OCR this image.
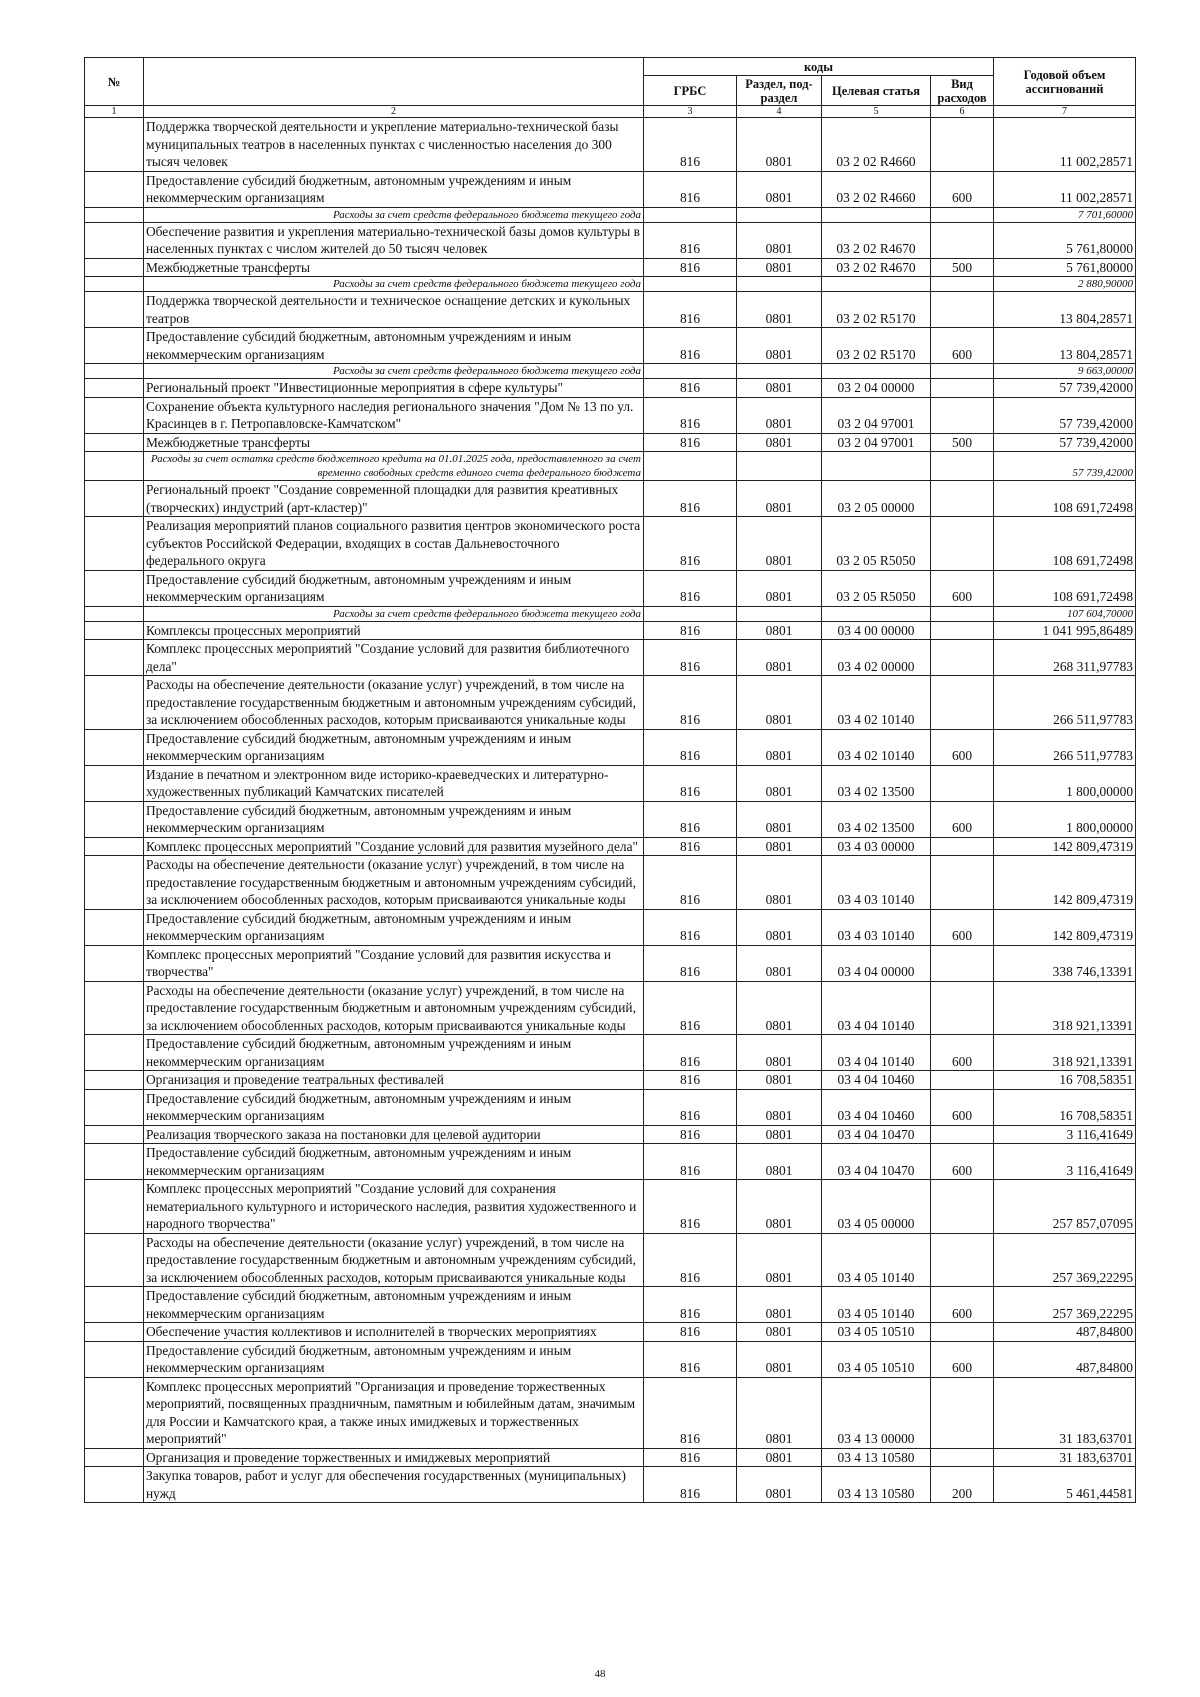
№		коды				Годовой объем ассигнований
		ГРБС	Раздел, под-раздел	Целевая статья	Вид расходов	
1	2	3	4	5	6	7
	Поддержка творческой деятельности и укрепление материально-технической базы муниципальных театров в населенных пунктах с численностью населения до 300 тысяч человек	816	0801	03 2 02 R4660		11 002,28571
	Предоставление субсидий бюджетным, автономным учреждениям и иным некоммерческим организациям	816	0801	03 2 02 R4660	600	11 002,28571
	Расходы за счет средств федерального бюджета текущего года					7 701,60000
	Обеспечение развития и укрепления материально-технической базы домов культуры в населенных пунктах с числом жителей до 50 тысяч человек	816	0801	03 2 02 R4670		5 761,80000
	Межбюджетные трансферты	816	0801	03 2 02 R4670	500	5 761,80000
	Расходы за счет средств федерального бюджета текущего года					2 880,90000
	Поддержка творческой деятельности и техническое оснащение детских и кукольных театров	816	0801	03 2 02 R5170		13 804,28571
	Предоставление субсидий бюджетным, автономным учреждениям и иным некоммерческим организациям	816	0801	03 2 02 R5170	600	13 804,28571
	Расходы за счет средств федерального бюджета текущего года					9 663,00000
	Региональный проект "Инвестиционные мероприятия в сфере культуры"	816	0801	03 2 04 00000		57 739,42000
	Сохранение объекта культурного наследия регионального значения "Дом № 13 по ул. Красинцев в г. Петропавловске-Камчатском"	816	0801	03 2 04 97001		57 739,42000
	Межбюджетные трансферты	816	0801	03 2 04 97001	500	57 739,42000
	Расходы за счет остатка средств бюджетного кредита на 01.01.2025 года, предоставленного за счет временно свободных средств единого счета федерального бюджета					57 739,42000
	Региональный проект "Создание современной площадки для развития креативных (творческих) индустрий (арт-кластер)"	816	0801	03 2 05 00000		108 691,72498
	Реализация мероприятий планов социального развития центров экономического роста субъектов Российской Федерации, входящих в состав Дальневосточного федерального округа	816	0801	03 2 05 R5050		108 691,72498
	Предоставление субсидий бюджетным, автономным учреждениям и иным некоммерческим организациям	816	0801	03 2 05 R5050	600	108 691,72498
	Расходы за счет средств федерального бюджета текущего года					107 604,70000
	Комплексы процессных мероприятий	816	0801	03 4 00 00000		1 041 995,86489
	Комплекс процессных мероприятий "Создание условий для развития библиотечного дела"	816	0801	03 4 02 00000		268 311,97783
	Расходы на обеспечение деятельности (оказание услуг) учреждений, в том числе на предоставление государственным бюджетным и автономным учреждениям субсидий, за исключением обособленных расходов, которым присваиваются уникальные коды	816	0801	03 4 02 10140		266 511,97783
	Предоставление субсидий бюджетным, автономным учреждениям и иным некоммерческим организациям	816	0801	03 4 02 10140	600	266 511,97783
	Издание в печатном и электронном виде историко-краеведческих и литературно-художественных публикаций Камчатских писателей	816	0801	03 4 02 13500		1 800,00000
	Предоставление субсидий бюджетным, автономным учреждениям и иным некоммерческим организациям	816	0801	03 4 02 13500	600	1 800,00000
	Комплекс процессных мероприятий "Создание условий для развития музейного дела"	816	0801	03 4 03 00000		142 809,47319
	Расходы на обеспечение деятельности (оказание услуг) учреждений, в том числе на предоставление государственным бюджетным и автономным учреждениям субсидий, за исключением обособленных расходов, которым присваиваются уникальные коды	816	0801	03 4 03 10140		142 809,47319
	Предоставление субсидий бюджетным, автономным учреждениям и иным некоммерческим организациям	816	0801	03 4 03 10140	600	142 809,47319
	Комплекс процессных мероприятий "Создание условий для развития искусства и творчества"	816	0801	03 4 04 00000		338 746,13391
	Расходы на обеспечение деятельности (оказание услуг) учреждений, в том числе на предоставление государственным бюджетным и автономным учреждениям субсидий, за исключением обособленных расходов, которым присваиваются уникальные коды	816	0801	03 4 04 10140		318 921,13391
	Предоставление субсидий бюджетным, автономным учреждениям и иным некоммерческим организациям	816	0801	03 4 04 10140	600	318 921,13391
	Организация и проведение театральных фестивалей	816	0801	03 4 04 10460		16 708,58351
	Предоставление субсидий бюджетным, автономным учреждениям и иным некоммерческим организациям	816	0801	03 4 04 10460	600	16 708,58351
	Реализация творческого заказа на постановки для целевой аудитории	816	0801	03 4 04 10470		3 116,41649
	Предоставление субсидий бюджетным, автономным учреждениям и иным некоммерческим организациям	816	0801	03 4 04 10470	600	3 116,41649
	Комплекс процессных мероприятий "Создание условий для сохранения нематериального культурного и исторического наследия, развития художественного и народного творчества"	816	0801	03 4 05 00000		257 857,07095
	Расходы на обеспечение деятельности (оказание услуг) учреждений, в том числе на предоставление государственным бюджетным и автономным учреждениям субсидий, за исключением обособленных расходов, которым присваиваются уникальные коды	816	0801	03 4 05 10140		257 369,22295
	Предоставление субсидий бюджетным, автономным учреждениям и иным некоммерческим организациям	816	0801	03 4 05 10140	600	257 369,22295
	Обеспечение участия коллективов и исполнителей в творческих мероприятиях	816	0801	03 4 05 10510		487,84800
	Предоставление субсидий бюджетным, автономным учреждениям и иным некоммерческим организациям	816	0801	03 4 05 10510	600	487,84800
	Комплекс процессных мероприятий "Организация и проведение торжественных мероприятий, посвященных праздничным, памятным и юбилейным датам, значимым для России и Камчатского края, а также иных имиджевых и торжественных мероприятий"	816	0801	03 4 13 00000		31 183,63701
	Организация и проведение торжественных и имиджевых мероприятий	816	0801	03 4 13 10580		31 183,63701
	Закупка товаров, работ и услуг для обеспечения государственных (муниципальных) нужд	816	0801	03 4 13 10580	200	5 461,44581
48
